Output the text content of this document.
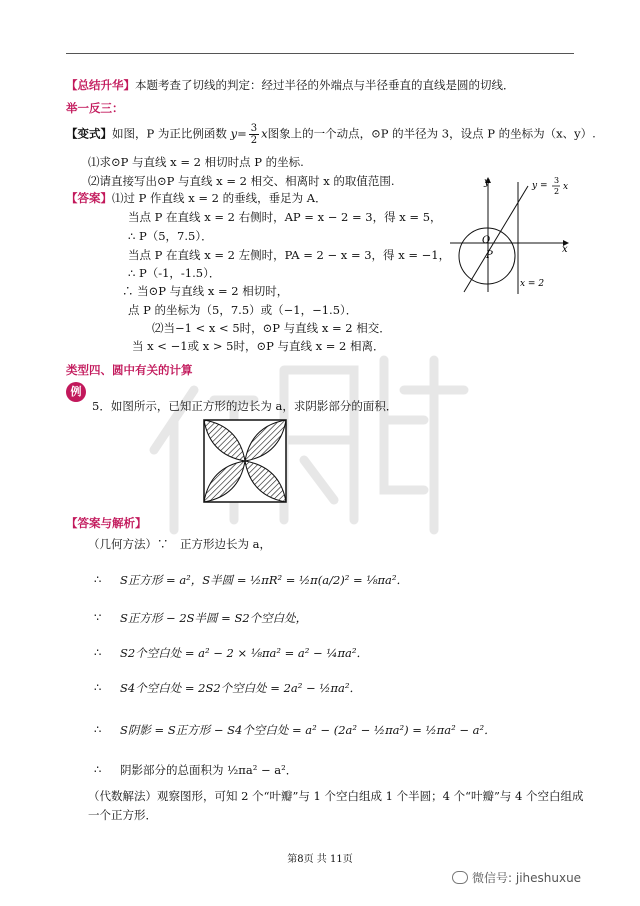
【总结升华】本题考查了切线的判定：经过半径的外端点与半径垂直的直线是圆的切线．
举一反三：
【变式】如图，P 为正比例函数 $y= \frac{3}{2}$ x图象上的一个动点，⊙P 的半径为 3，设点 P 的坐标为（x、y）.
⑴求⊙P 与直线 x = 2 相切时点 P 的坐标.
⑵请直接写出⊙P 与直线 x = 2 相交、相离时 x 的取值范围.
【答案】⑴过 P 作直线 x = 2 的垂线，垂足为 A．
当点 P 在直线 x = 2 右侧时，AP = x − 2 = 3，得 x = 5，
∴ P（5，7.5）．
当点 P 在直线 x = 2 左侧时，PA = 2 − x = 3，得 x = −1，
∴ P（-1，-1.5）．
∴ 当⊙P 与直线 x = 2 相切时，
点 P 的坐标为（5，7.5）或（−1，−1.5）．
⑵当−1 < x < 5时，⊙P 与直线 x = 2 相交．
当 x < −1或 x > 5时，⊙P 与直线 x = 2 相离．
y
x
O
P
x = 2
y =
3
2 x
类型四、圆中有关的计算
例
5．如图所示，已知正方形的边长为 a，求阴影部分的面积．
【答案与解析】
（几何方法）∵　正方形边长为 a，
∴ S正方形 = a²，S半圆 = ½πR² = ½π(a/2)² = ⅛πa²．
∵ S正方形 − 2S半圆 = S2个空白处，
∴ S2个空白处 = a² − 2 × ⅛πa² = a² − ¼πa²．
∴ S4个空白处 = 2S2个空白处 = 2a² − ½πa²．
∴ S阴影 = S正方形 − S4个空白处 = a² − (2a² − ½πa²) = ½πa² − a²．
∴ 阴影部分的总面积为 ½πa² − a²．
（代数解法）观察图形，可知 2 个“叶瓣”与 1 个空白组成 1 个半圆；4 个“叶瓣”与 4 个空白组成
一个正方形．
第8页 共 11页
微信号: jiheshuxue
